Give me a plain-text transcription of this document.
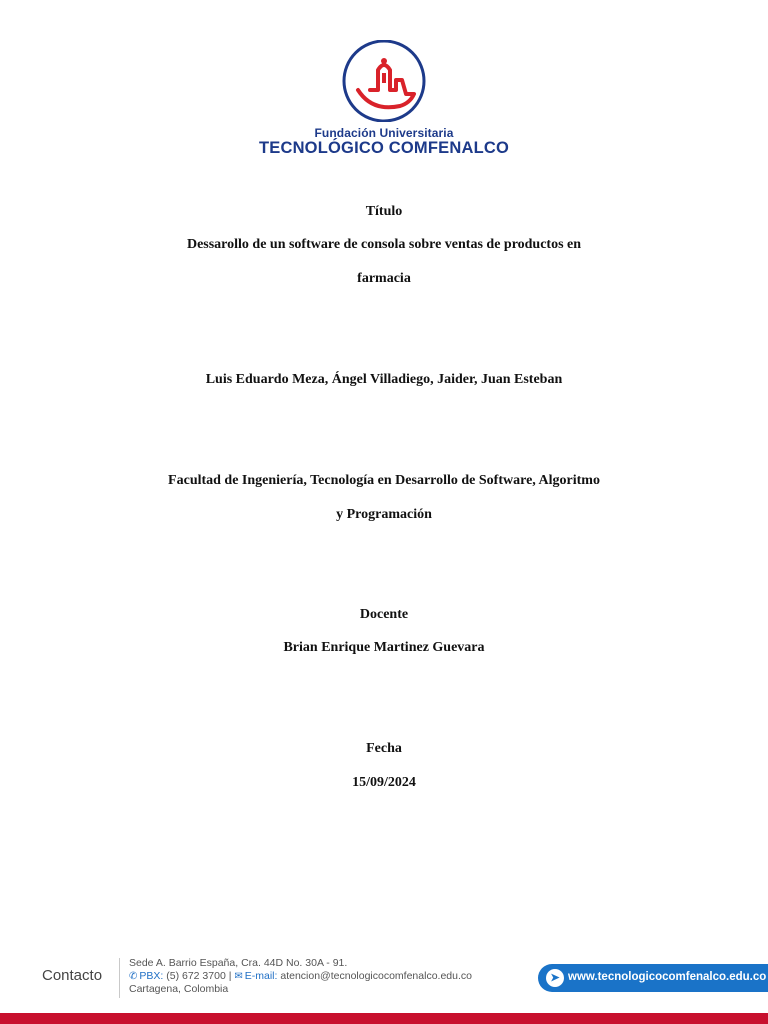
Fundación Universitaria
TECNOLÓGICO COMFENALCO
Título
Dessarollo de un software de consola sobre ventas de productos en
farmacia
Luis Eduardo Meza, Ángel Villadiego, Jaider, Juan Esteban
Facultad de Ingeniería, Tecnología en Desarrollo de Software, Algoritmo
y Programación
Docente
Brian Enrique Martinez Guevara
Fecha
15/09/2024
Contacto
Sede A. Barrio España, Cra. 44D No. 30A - 91.
✆ PBX: (5) 672 3700 | ✉ E-mail: atencion@tecnologicocomfenalco.edu.co
Cartagena, Colombia
➤ www.tecnologicocomfenalco.edu.co
